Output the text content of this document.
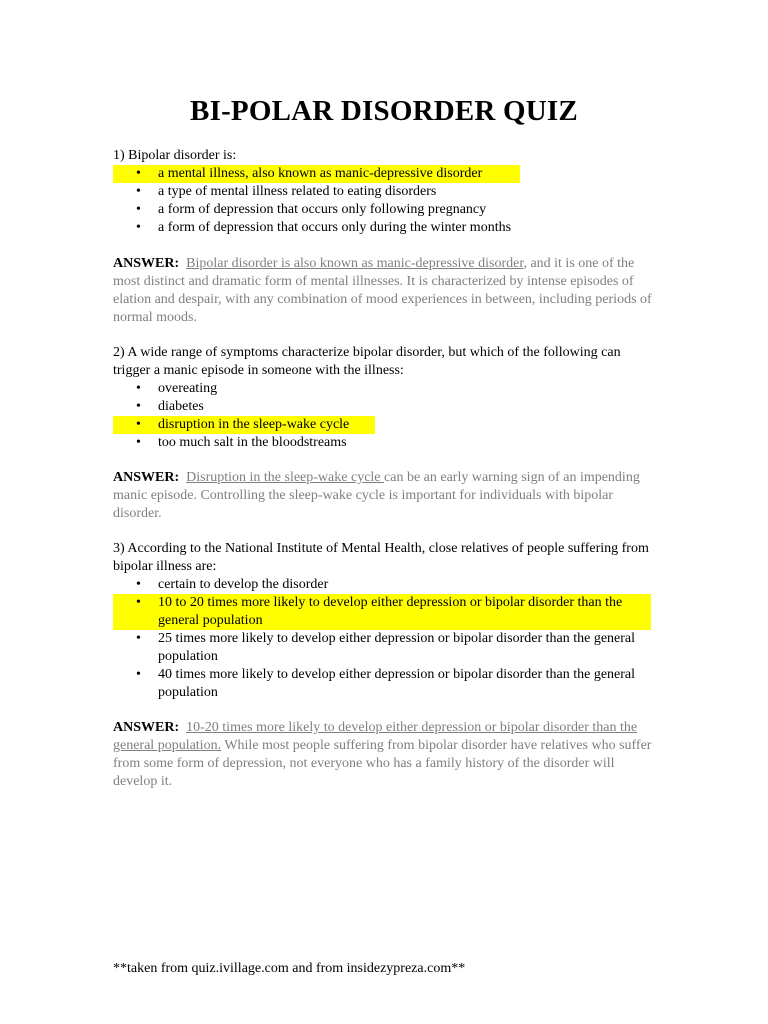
BI-POLAR DISORDER QUIZ

1) Bipolar disorder is:

• a mental illness, also known as manic-depressive disorder
• a type of mental illness related to eating disorders
• a form of depression that occurs only following pregnancy
• a form of depression that occurs only during the winter months

ANSWER: Bipolar disorder is also known as manic-depressive disorder, and it is one of the most distinct and dramatic form of mental illnesses. It is characterized by intense episodes of elation and despair, with any combination of mood experiences in between, including periods of normal moods.

2) A wide range of symptoms characterize bipolar disorder, but which of the following can trigger a manic episode in someone with the illness:

• overeating
• diabetes
• disruption in the sleep-wake cycle
• too much salt in the bloodstreams

ANSWER: Disruption in the sleep-wake cycle can be an early warning sign of an impending manic episode. Controlling the sleep-wake cycle is important for individuals with bipolar disorder.

3) According to the National Institute of Mental Health, close relatives of people suffering from bipolar illness are:

• certain to develop the disorder
• 10 to 20 times more likely to develop either depression or bipolar disorder than the general population
• 25 times more likely to develop either depression or bipolar disorder than the general population
• 40 times more likely to develop either depression or bipolar disorder than the general population

ANSWER: 10-20 times more likely to develop either depression or bipolar disorder than the general population. While most people suffering from bipolar disorder have relatives who suffer from some form of depression, not everyone who has a family history of the disorder will develop it.

**taken from quiz.ivillage.com and from insidezypreza.com**
